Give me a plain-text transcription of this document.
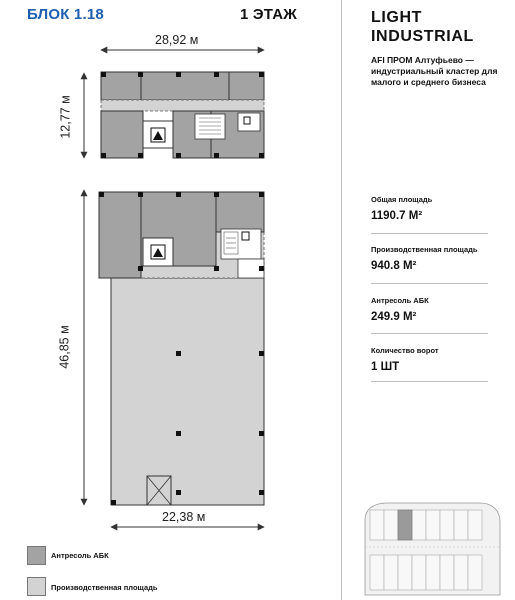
БЛОК 1.18	1 ЭТАЖ
28,92 м
12,77 м
46,85 м
22,38 м
LIGHT
INDUSTRIAL
AFI ПРОМ Алтуфьево — индустриальный кластер для малого и среднего бизнеса
Общая площадь
1190.7 М²
Производственная площадь
940.8 М²
Антресоль АБК
249.9 М²
Количество ворот
1 ШТ
Антресоль АБК
Производственная площадь
